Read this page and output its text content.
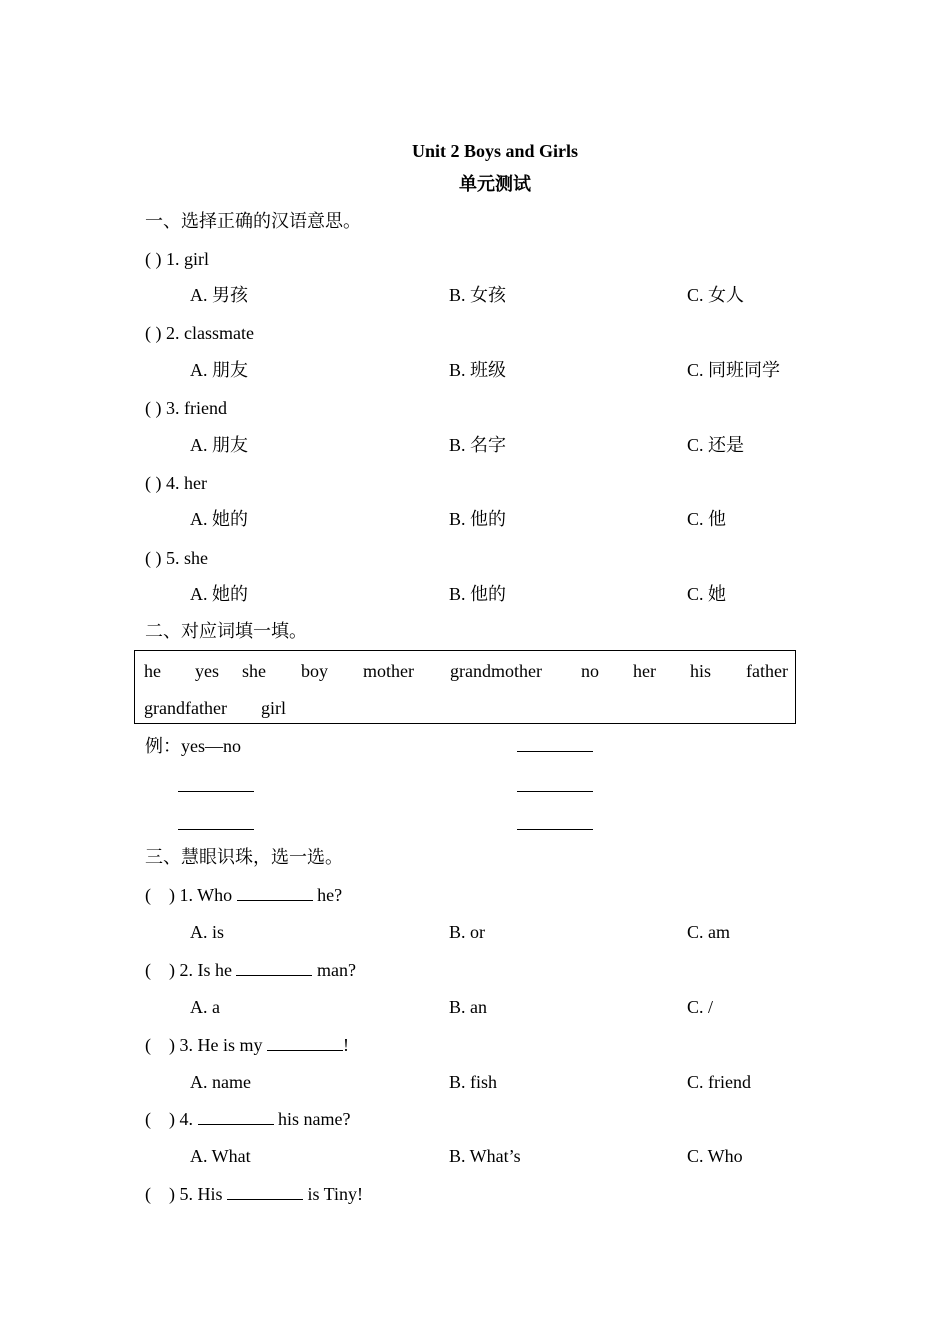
Unit 2 Boys and Girls
单元测试
一、选择正确的汉语意思。
( ) 1. girl
A. 男孩	B. 女孩	C. 女人
( ) 2. classmate
A. 朋友	B. 班级	C. 同班同学
( ) 3. friend
A. 朋友	B. 名字	C. 还是
( ) 4. her
A. 她的	B. 他的	C. 他
( ) 5. she
A. 她的	B. 他的	C. 她
二、对应词填一填。
he yes she boy mother grandmother no her his father
grandfather girl
例：yes—no
三、慧眼识珠，选一选。
(    ) 1. Who	he?
A. is	B. or	C. am
(    ) 2. Is he	man?
A. a	B. an	C. /
(    ) 3. He is my	!
A. name	B. fish	C. friend
(    ) 4.	his name?
A. What	B. What’s	C. Who
(    ) 5. His	is Tiny!
